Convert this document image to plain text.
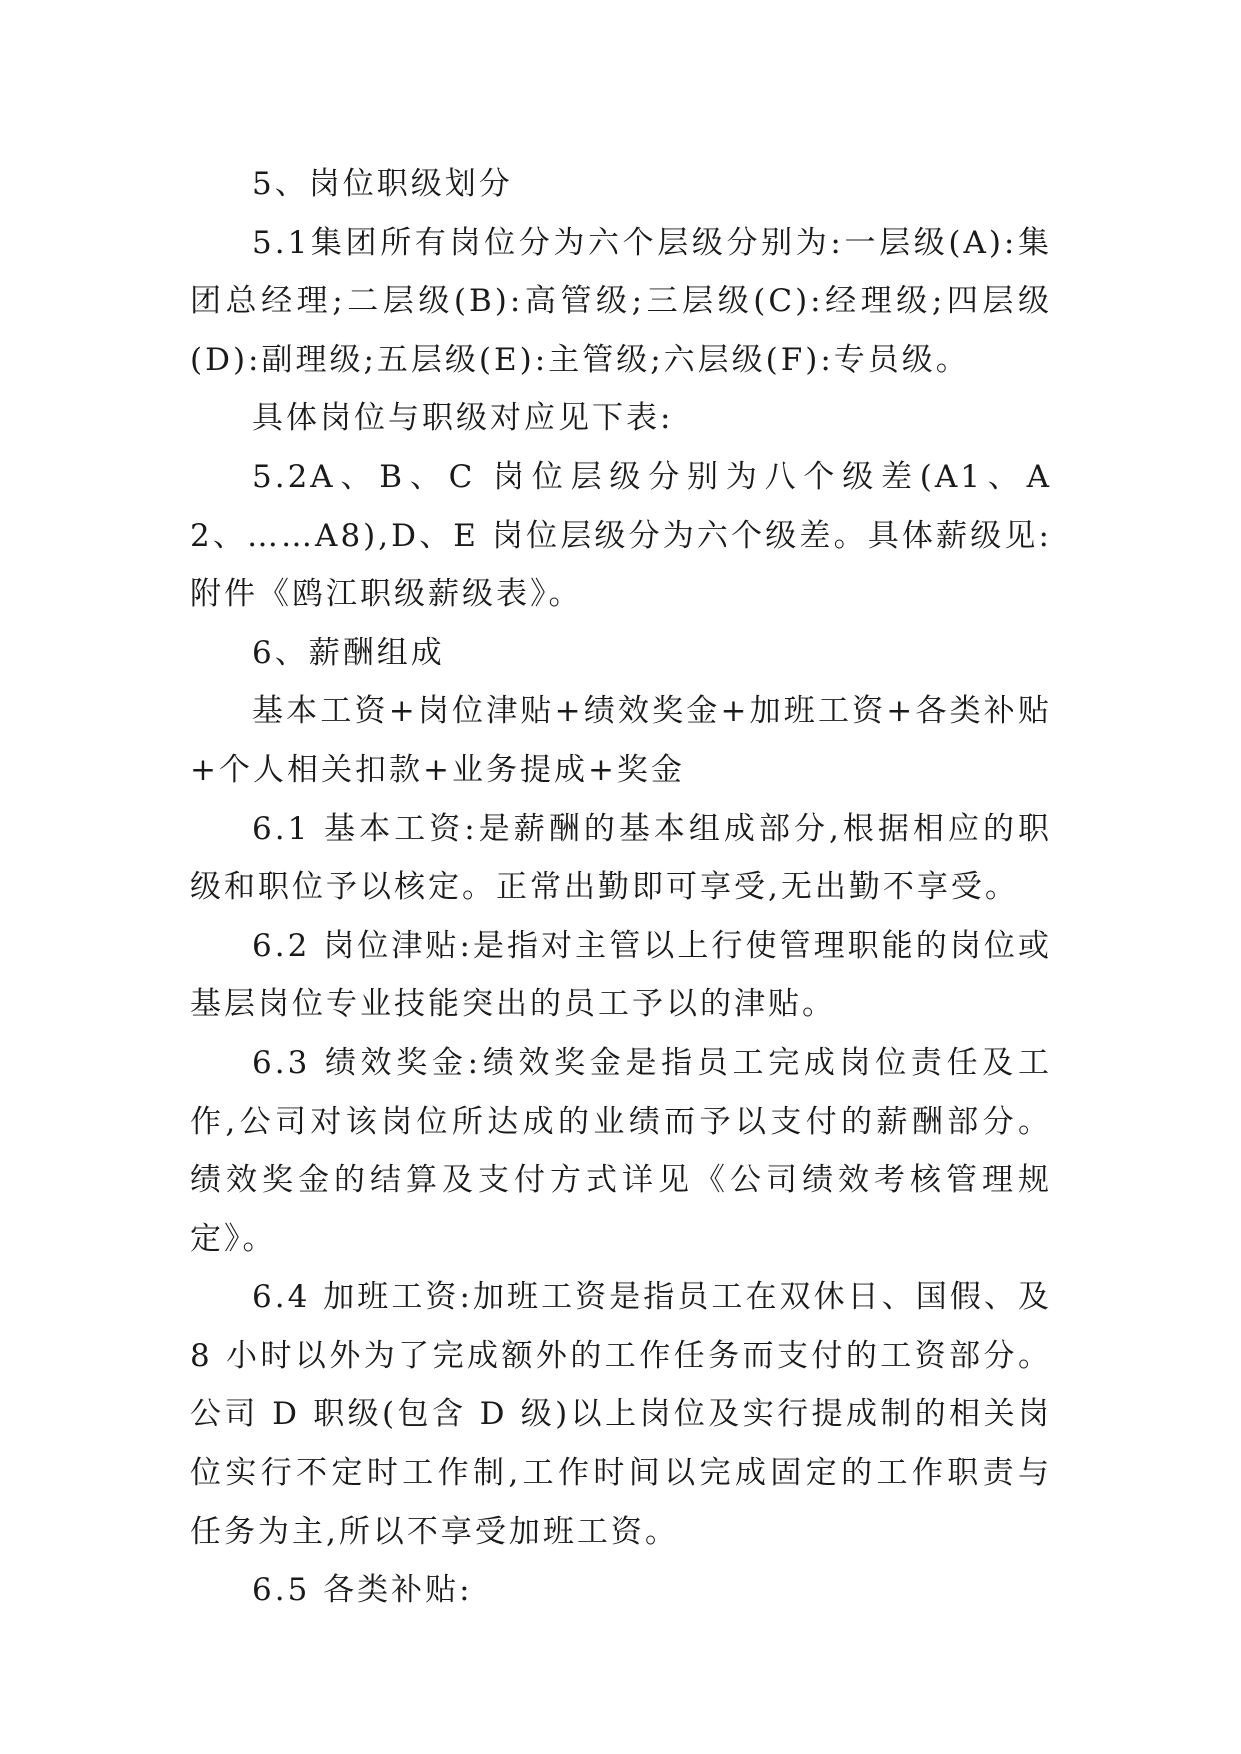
5、岗位职级划分

5.1集团所有岗位分为六个层级分别为:一层级(A):集团总经理;二层级(B):高管级;三层级(C):经理级;四层级(D):副理级;五层级(E):主管级;六层级(F):专员级。

具体岗位与职级对应见下表:

5.2A、B、C 岗位层级分别为八个级差(A1、A2、……A8),D、E 岗位层级分为六个级差。具体薪级见:附件《鸥江职级薪级表》。

6、薪酬组成

基本工资+岗位津贴+绩效奖金+加班工资+各类补贴+个人相关扣款+业务提成+奖金

6.1 基本工资:是薪酬的基本组成部分,根据相应的职级和职位予以核定。正常出勤即可享受,无出勤不享受。

6.2 岗位津贴:是指对主管以上行使管理职能的岗位或基层岗位专业技能突出的员工予以的津贴。

6.3 绩效奖金:绩效奖金是指员工完成岗位责任及工作,公司对该岗位所达成的业绩而予以支付的薪酬部分。绩效奖金的结算及支付方式详见《公司绩效考核管理规定》。

6.4 加班工资:加班工资是指员工在双休日、国假、及 8 小时以外为了完成额外的工作任务而支付的工资部分。公司 D 职级(包含 D 级)以上岗位及实行提成制的相关岗位实行不定时工作制,工作时间以完成固定的工作职责与任务为主,所以不享受加班工资。

6.5 各类补贴:
